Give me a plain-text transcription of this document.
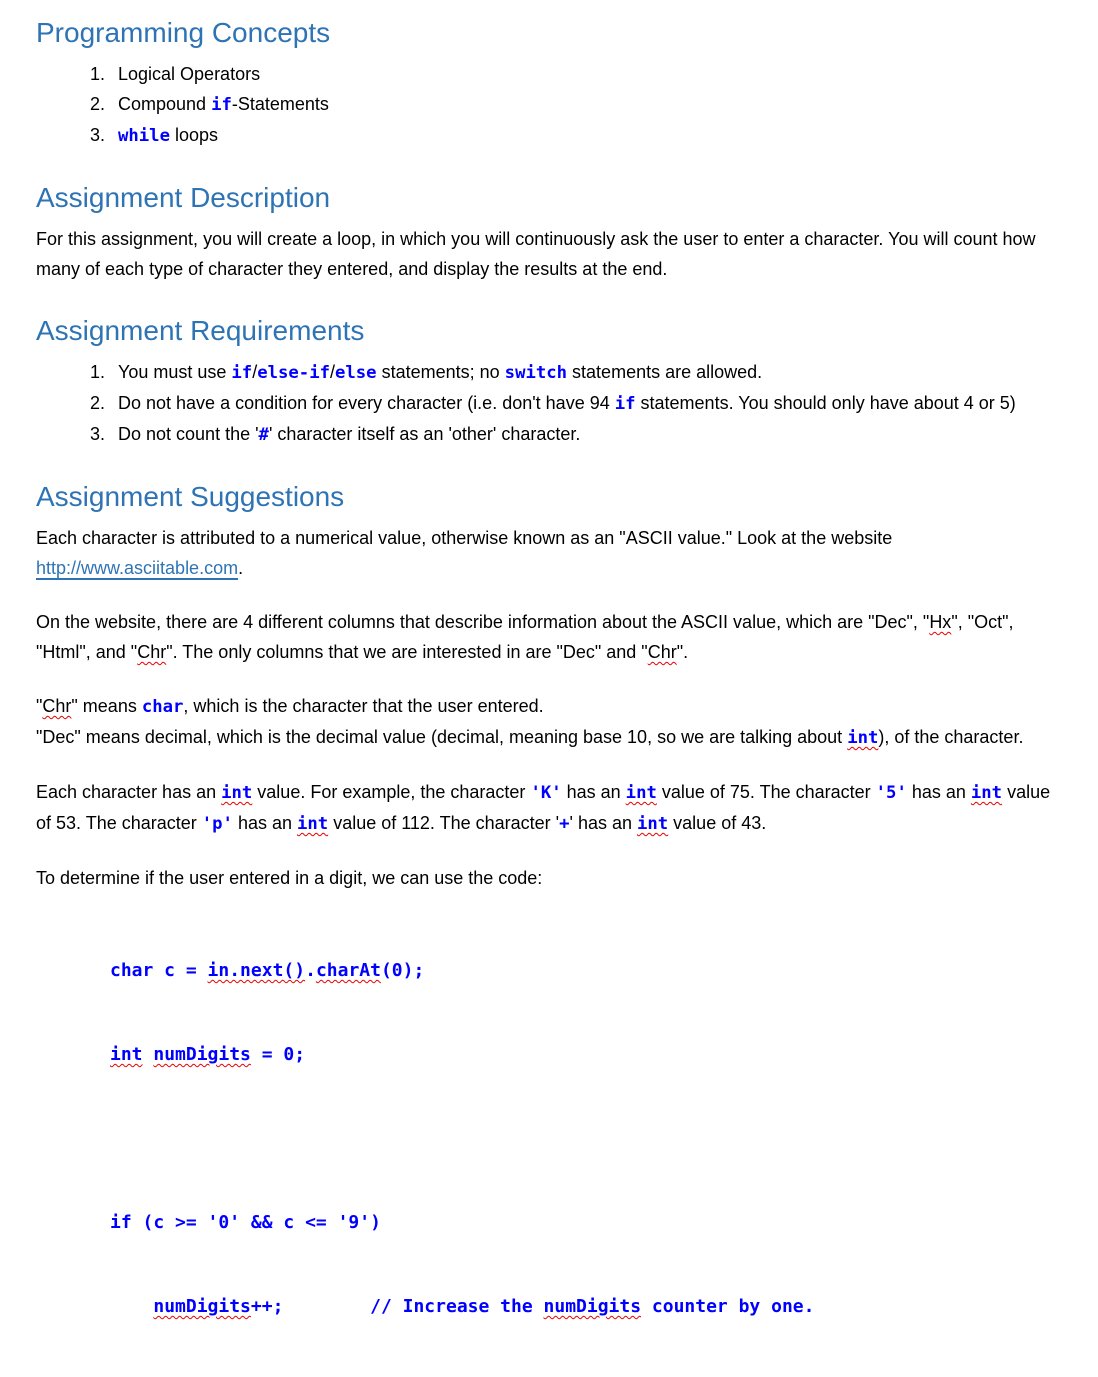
Programming Concepts
1. Logical Operators
2. Compound if-Statements
3. while loops
Assignment Description

For this assignment, you will create a loop, in which you will continuously ask the user to enter a character. You will count how many of each type of character they entered, and display the results at the end.

Assignment Requirements
1. You must use if/else-if/else statements; no switch statements are allowed.
2. Do not have a condition for every character (i.e. don't have 94 if statements. You should only have about 4 or 5)
3. Do not count the '#' character itself as an 'other' character.
Assignment Suggestions

Each character is attributed to a numerical value, otherwise known as an "ASCII value." Look at the website http://www.asciitable.com.

On the website, there are 4 different columns that describe information about the ASCII value, which are "Dec", "Hx", "Oct", "Html", and "Chr". The only columns that we are interested in are "Dec" and "Chr".

"Chr" means char, which is the character that the user entered.
"Dec" means decimal, which is the decimal value (decimal, meaning base 10, so we are talking about int), of the character.

Each character has an int value. For example, the character 'K' has an int value of 75. The character '5' has an int value of 53. The character 'p' has an int value of 112. The character '+' has an int value of 43.

To determine if the user entered in a digit, we can use the code:

char c = in.next().charAt(0);

int numDigits = 0;

if (c >= '0' && c <= '9')

numDigits++;        // Increase the numDigits counter by one.
